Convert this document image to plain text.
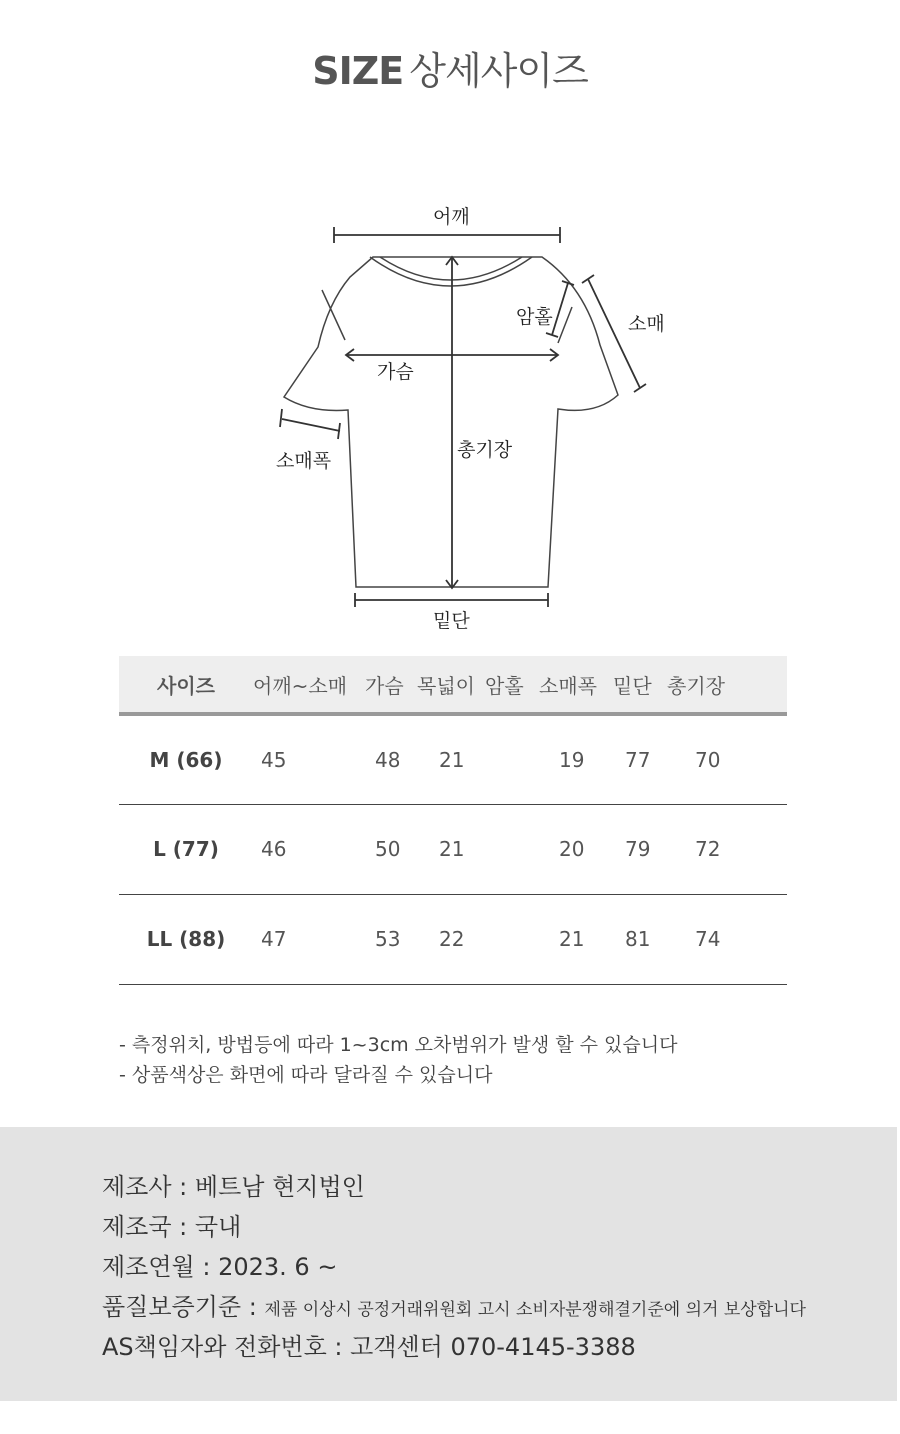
SIZE 상세사이즈
어깨
암홀	소매
가슴
총기장
소매폭
밑단
사이즈	어깨~소매	가슴	목넓이	암홀	소매폭	밑단	총기장
M (66)	45	48	21		19	77	70
L (77)	46	50	21		20	79	72
LL (88)	47	53	22		21	81	74
- 측정위치, 방법등에 따라 1~3cm 오차범위가 발생 할 수 있습니다
- 상품색상은 화면에 따라 달라질 수 있습니다
제조사 : 베트남 현지법인
제조국 : 국내
제조연월 : 2023. 6 ~
품질보증기준 : 제품 이상시 공정거래위원회 고시 소비자분쟁해결기준에 의거 보상합니다
AS책임자와 전화번호 : 고객센터 070-4145-3388
